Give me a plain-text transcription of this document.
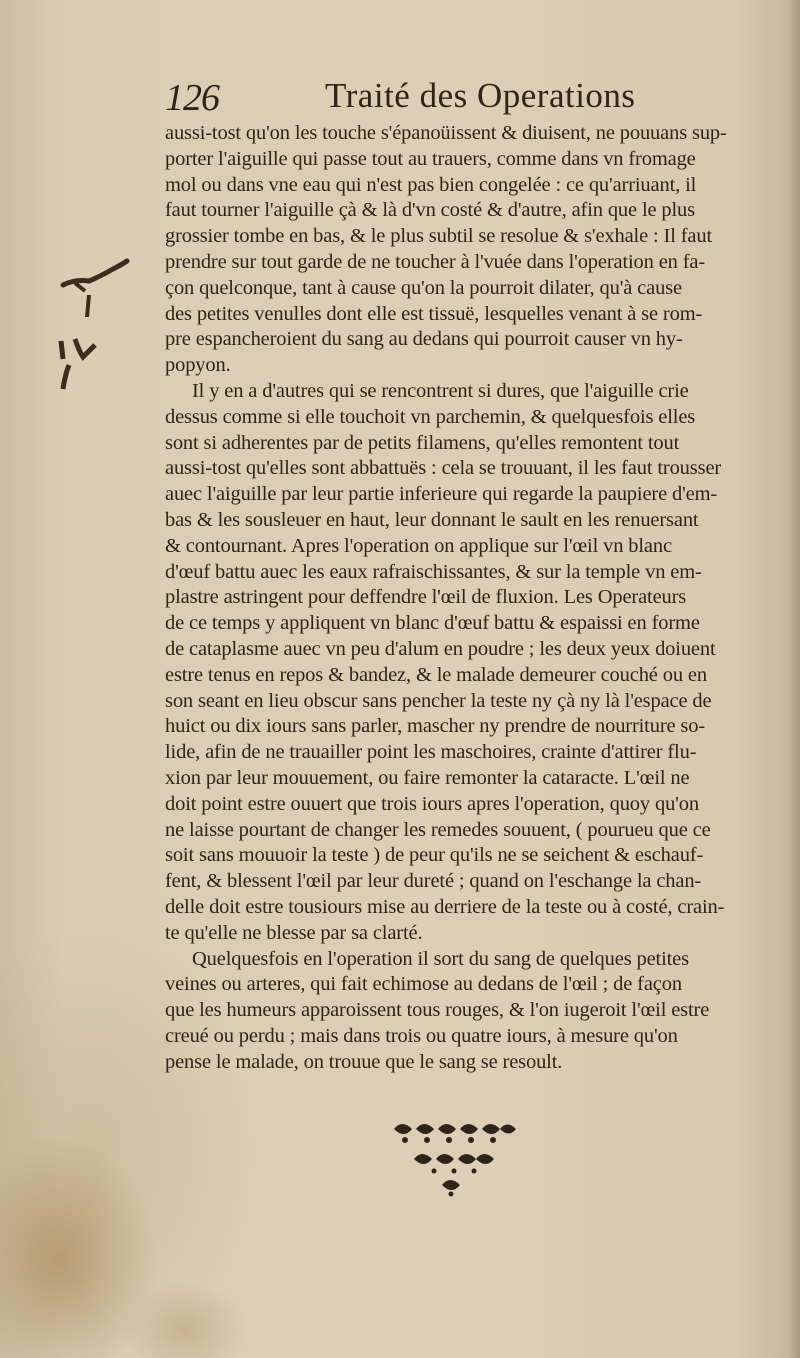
126	Traité des Operations
aussi-tost qu'on les touche s'épanoüissent & diuisent, ne pouuans sup-
porter l'aiguille qui passe tout au trauers, comme dans vn fromage
mol ou dans vne eau qui n'est pas bien congelée : ce qu'arriuant, il
faut tourner l'aiguille çà & là d'vn costé & d'autre, afin que le plus
grossier tombe en bas, & le plus subtil se resolue & s'exhale : Il faut
prendre sur tout garde de ne toucher à l'vuée dans l'operation en fa-
çon quelconque, tant à cause qu'on la pourroit dilater, qu'à cause
des petites venulles dont elle est tissuë, lesquelles venant à se rom-
pre espancheroient du sang au dedans qui pourroit causer vn hy-
popyon.
Il y en a d'autres qui se rencontrent si dures, que l'aiguille crie
dessus comme si elle touchoit vn parchemin, & quelquesfois elles
sont si adherentes par de petits filamens, qu'elles remontent tout
aussi-tost qu'elles sont abbattuës : cela se trouuant, il les faut trousser
auec l'aiguille par leur partie inferieure qui regarde la paupiere d'em-
bas & les sousleuer en haut, leur donnant le sault en les renuersant
& contournant. Apres l'operation on applique sur l'œil vn blanc
d'œuf battu auec les eaux rafraischissantes, & sur la temple vn em-
plastre astringent pour deffendre l'œil de fluxion. Les Operateurs
de ce temps y appliquent vn blanc d'œuf battu & espaissi en forme
de cataplasme auec vn peu d'alum en poudre ; les deux yeux doiuent
estre tenus en repos & bandez, & le malade demeurer couché ou en
son seant en lieu obscur sans pencher la teste ny çà ny là l'espace de
huict ou dix iours sans parler, mascher ny prendre de nourriture so-
lide, afin de ne trauailler point les maschoires, crainte d'attirer flu-
xion par leur mouuement, ou faire remonter la cataracte. L'œil ne
doit point estre ouuert que trois iours apres l'operation, quoy qu'on
ne laisse pourtant de changer les remedes souuent, ( pourueu que ce
soit sans mouuoir la teste ) de peur qu'ils ne se seichent & eschauf-
fent, & blessent l'œil par leur dureté ; quand on l'eschange la chan-
delle doit estre tousiours mise au derriere de la teste ou à costé, crain-
te qu'elle ne blesse par sa clarté.
Quelquesfois en l'operation il sort du sang de quelques petites
veines ou arteres, qui fait echimose au dedans de l'œil ; de façon
que les humeurs apparoissent tous rouges, & l'on iugeroit l'œil estre
creué ou perdu ; mais dans trois ou quatre iours, à mesure qu'on
pense le malade, on trouue que le sang se resoult.
